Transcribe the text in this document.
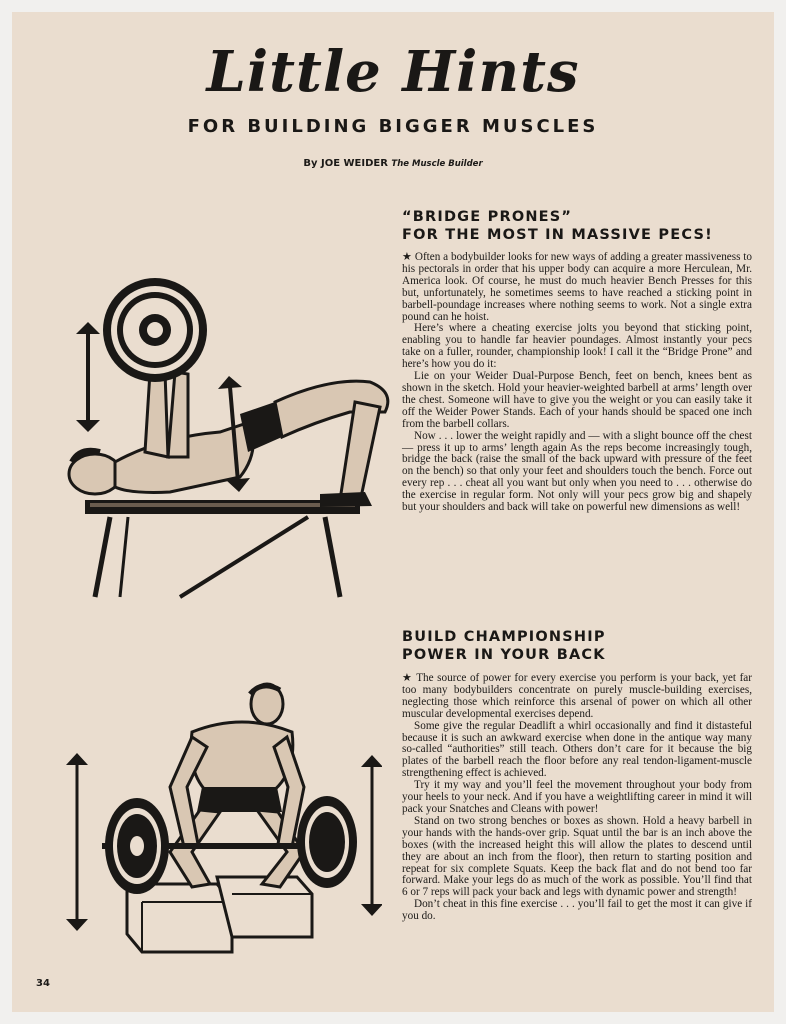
Little Hints
FOR BUILDING BIGGER MUSCLES
By JOE WEIDER The Muscle Builder
“BRIDGE PRONES”
FOR THE MOST IN MASSIVE PECS!

★ Often a bodybuilder looks for new ways of adding a greater massiveness to his pectorals in order that his upper body can acquire a more Herculean, Mr. America look. Of course, he must do much heavier Bench Presses for this but, unfortunately, he sometimes seems to have reached a sticking point in barbell-poundage increases where nothing seems to work. Not a single extra pound can he hoist.

Here’s where a cheating exercise jolts you beyond that sticking point, enabling you to handle far heavier poundages. Almost instantly your pecs take on a fuller, rounder, championship look! I call it the “Bridge Prone” and here’s how you do it:

Lie on your Weider Dual-Purpose Bench, feet on bench, knees bent as shown in the sketch. Hold your heavier-weighted barbell at arms’ length over the chest. Someone will have to give you the weight or you can easily take it off the Weider Power Stands. Each of your hands should be spaced one inch from the barbell collars.

Now . . . lower the weight rapidly and — with a slight bounce off the chest — press it up to arms’ length again As the reps become increasingly tough, bridge the back (raise the small of the back upward with pressure of the feet on the bench) so that only your feet and shoulders touch the bench. Force out every rep . . . cheat all you want but only when you need to . . . otherwise do the exercise in regular form. Not only will your pecs grow big and shapely but your shoulders and back will take on powerful new dimensions as well!

BUILD CHAMPIONSHIP
POWER IN YOUR BACK

★ The source of power for every exercise you perform is your back, yet far too many bodybuilders concentrate on purely muscle-building exercises, neglecting those which reinforce this arsenal of power on which all other muscular developmental exercises depend.

Some give the regular Deadlift a whirl occasionally and find it distasteful because it is such an awkward exercise when done in the antique way many so-called “authorities” still teach. Others don’t care for it because the big plates of the barbell reach the floor before any real tendon-ligament-muscle strengthening effect is achieved.

Try it my way and you’ll feel the movement throughout your body from your heels to your neck. And if you have a weightlifting career in mind it will pack your Snatches and Cleans with power!

Stand on two strong benches or boxes as shown. Hold a heavy barbell in your hands with the hands-over grip. Squat until the bar is an inch above the boxes (with the increased height this will allow the plates to descend until they are about an inch from the floor), then return to starting position and repeat for six complete Squats. Keep the back flat and do not bend too far forward. Make your legs do as much of the work as possible. You’ll find that 6 or 7 reps will pack your back and legs with dynamic power and strength!

Don’t cheat in this fine exercise . . . you’ll fail to get the most it can give if you do.

34
